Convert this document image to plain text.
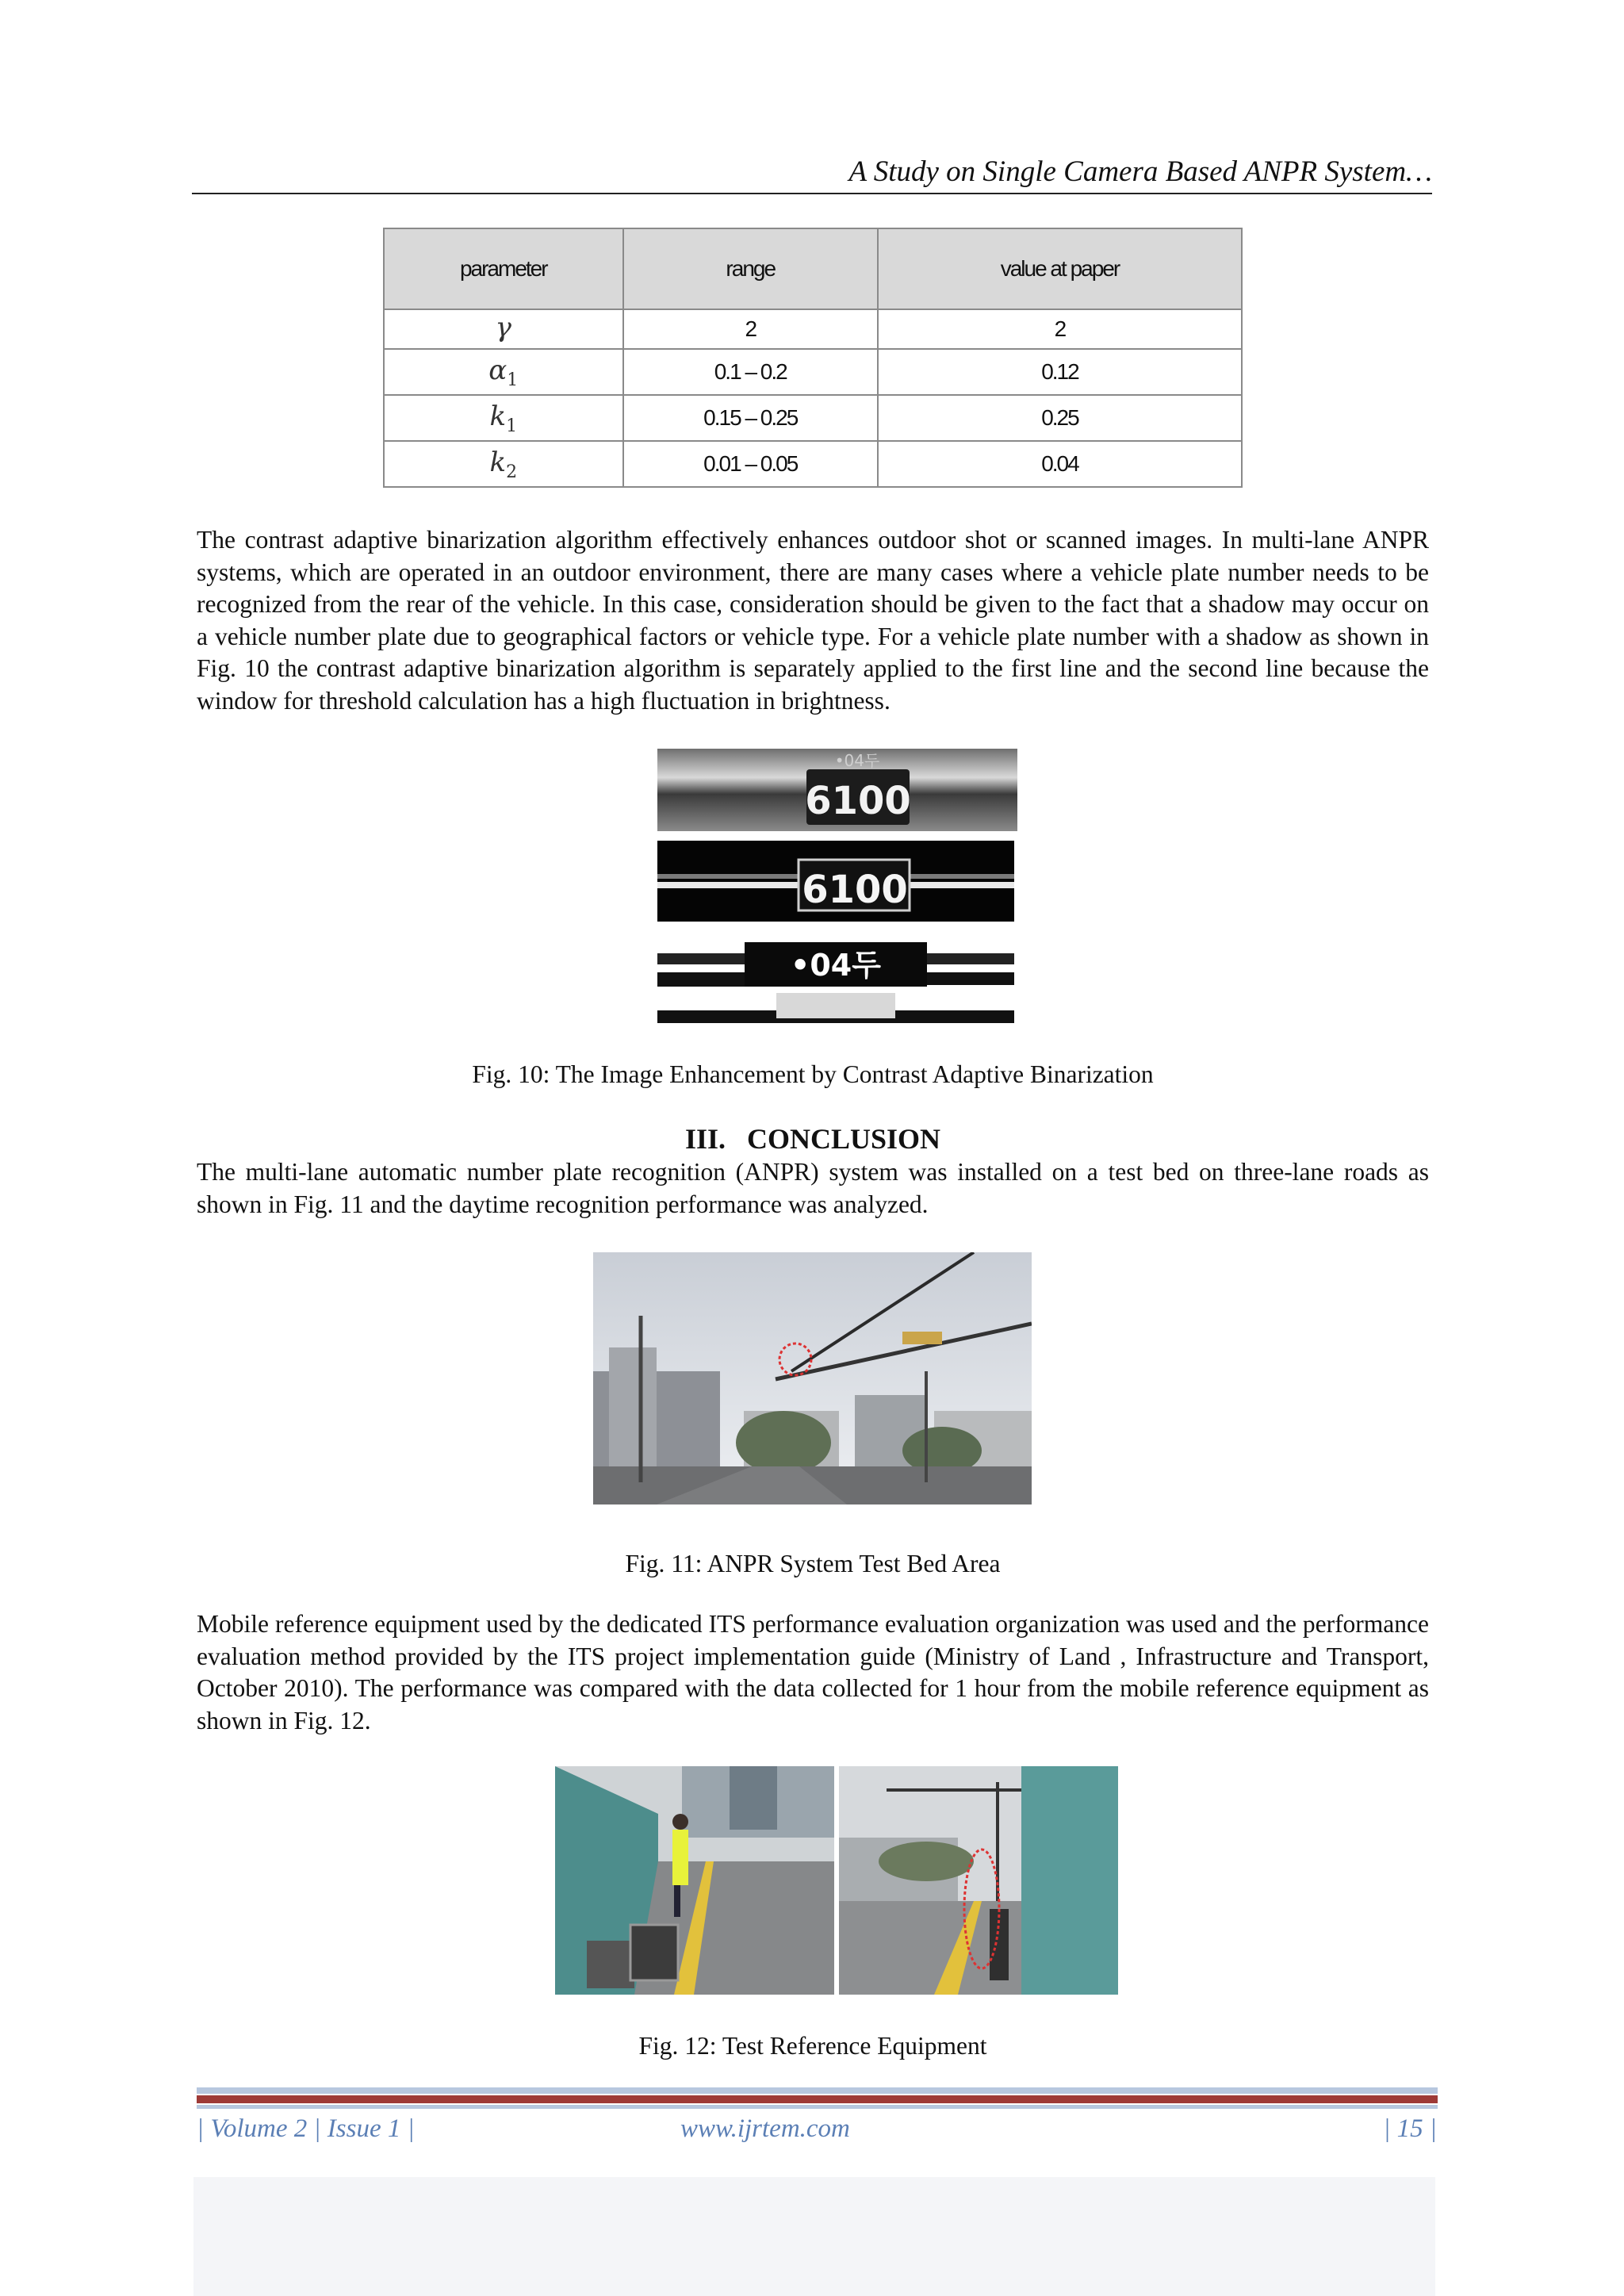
A Study on Single Camera Based ANPR System…
parameter	range	value at paper
γ	2	2
$\alpha_1$	0.1 – 0.2	0.12
$k_1$	0.15 – 0.25	0.25
$k_2$	0.01 – 0.05	0.04
The contrast adaptive binarization algorithm effectively enhances outdoor shot or scanned images. In multi-lane ANPR systems, which are operated in an outdoor environment, there are many cases where a vehicle plate number needs to be recognized from the rear of the vehicle. In this case, consideration should be given to the fact that a shadow may occur on a vehicle number plate due to geographical factors or vehicle type. For a vehicle plate number with a shadow as shown in Fig. 10 the contrast adaptive binarization algorithm is separately applied to the first line and the second line because the window for threshold calculation has a high fluctuation in brightness.
•04두
6100
6100
•04두
Fig. 10: The Image Enhancement by Contrast Adaptive Binarization
III. CONCLUSION
The multi-lane automatic number plate recognition (ANPR) system was installed on a test bed on three-lane roads as shown in Fig. 11 and the daytime recognition performance was analyzed.
Fig. 11: ANPR System Test Bed Area
Mobile reference equipment used by the dedicated ITS performance evaluation organization was used and the performance evaluation method provided by the ITS project implementation guide (Ministry of Land , Infrastructure and Transport, October 2010). The performance was compared with the data collected for 1 hour from the mobile reference equipment as shown in Fig. 12.
Fig. 12: Test Reference Equipment
| Volume 2 | Issue 1 |	www.ijrtem.com	| 15 |
